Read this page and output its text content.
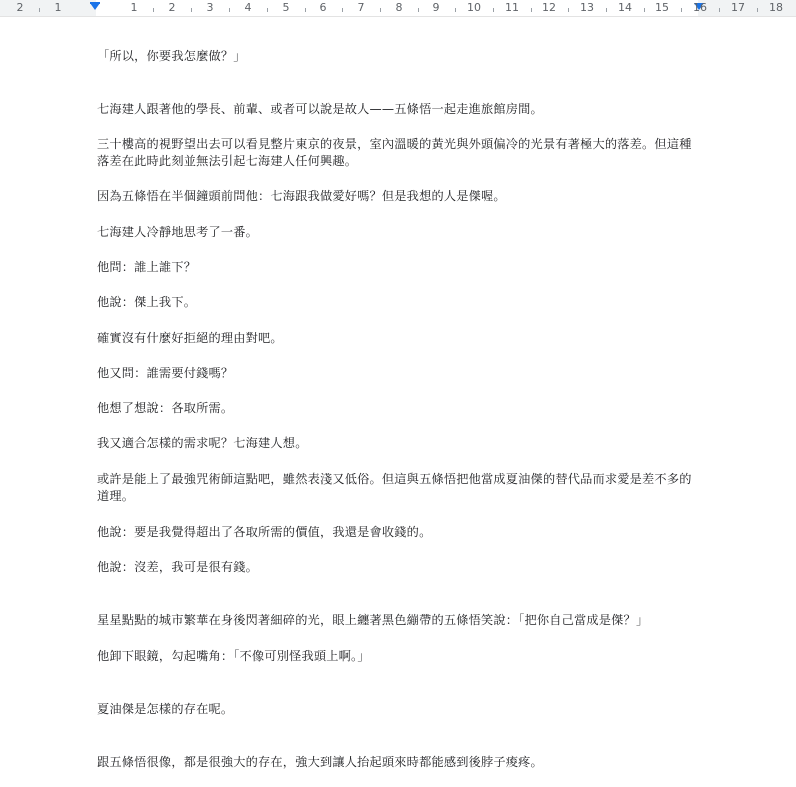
2	1	1	2	3	4	5	6	7	8	9	10 11 12 13 14 15 16 17 18

「所以，你要我怎麼做？」

七海建人跟著他的學長、前輩、或者可以說是故人——五條悟一起走進旅館房間。

三十樓高的視野望出去可以看見整片東京的夜景，室內溫暖的黃光與外頭偏冷的光景有著極大的落差。但這種落差在此時此刻並無法引起七海建人任何興趣。

因為五條悟在半個鐘頭前問他：七海跟我做愛好嗎？但是我想的人是傑喔。

七海建人冷靜地思考了一番。

他問：誰上誰下？

他說：傑上我下。

確實沒有什麼好拒絕的理由對吧。

他又問：誰需要付錢嗎？

他想了想說：各取所需。

我又適合怎樣的需求呢？七海建人想。

或許是能上了最強咒術師這點吧，雖然表淺又低俗。但這與五條悟把他當成夏油傑的替代品而求愛是差不多的道理。

他說：要是我覺得超出了各取所需的價值，我還是會收錢的。

他說：沒差，我可是很有錢。

星星點點的城市繁華在身後閃著細碎的光，眼上纏著黑色繃帶的五條悟笑說：「把你自己當成是傑？」

他卸下眼鏡，勾起嘴角：「不像可別怪我頭上啊。」

夏油傑是怎樣的存在呢。

跟五條悟很像，都是很強大的存在，強大到讓人抬起頭來時都能感到後脖子痠疼。
